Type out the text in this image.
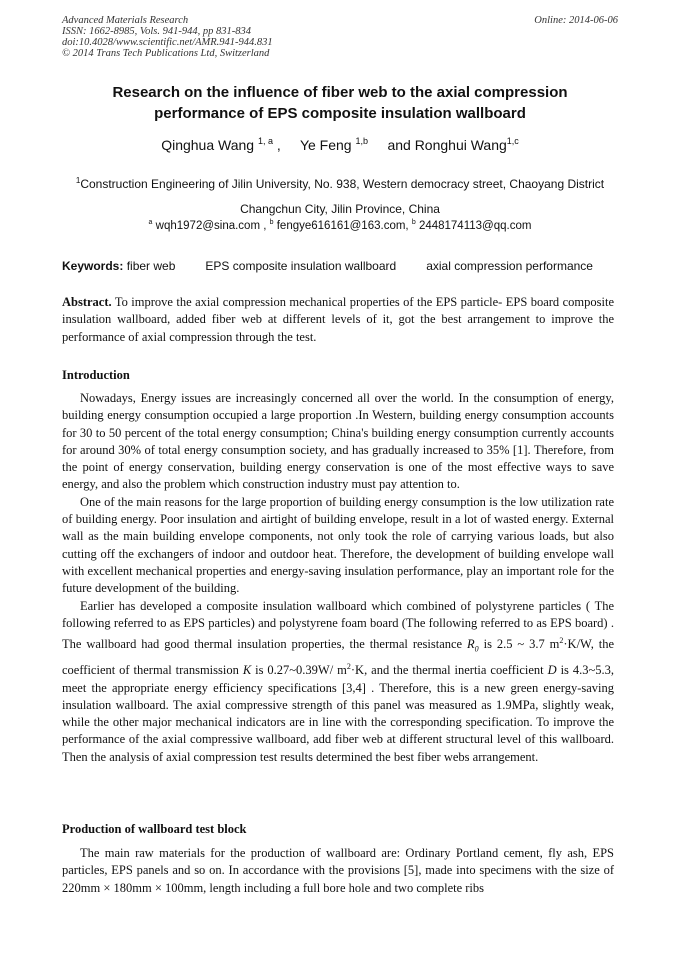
Advanced Materials Research
ISSN: 1662-8985, Vols. 941-944, pp 831-834
doi:10.4028/www.scientific.net/AMR.941-944.831
© 2014 Trans Tech Publications Ltd, Switzerland
Online: 2014-06-06
Research on the influence of fiber web to the axial compression
performance of EPS composite insulation wallboard
Qinghua Wang $^{1, a}$ , Ye Feng $^{1,b}$ and Ronghui Wang$^{1,c}$
$^1$Construction Engineering of Jilin University, No. 938, Western democracy street, Chaoyang District
Changchun City, Jilin Province, China
$^a$ wqh1972@sina.com , $^b$ fengye616161@163.com, $^b$ 2448174113@qq.com
Keywords: fiber web	EPS composite insulation wallboard	axial compression performance

Abstract. To improve the axial compression mechanical properties of the EPS particle- EPS board composite insulation wallboard, added fiber web at different levels of it, got the best arrangement to improve the performance of axial compression through the test.

Introduction

Nowadays, Energy issues are increasingly concerned all over the world. In the consumption of energy, building energy consumption occupied a large proportion .In Western, building energy consumption accounts for 30 to 50 percent of the total energy consumption; China's building energy consumption currently accounts for around 30% of total energy consumption society, and has gradually increased to 35% [1]. Therefore, from the point of energy conservation, building energy conservation is one of the most effective ways to save energy, and also the problem which construction industry must pay attention to.

One of the main reasons for the large proportion of building energy consumption is the low utilization rate of building energy. Poor insulation and airtight of building envelope, result in a lot of wasted energy. External wall as the main building envelope components, not only took the role of carrying various loads, but also cutting off the exchangers of indoor and outdoor heat. Therefore, the development of building envelope wall with excellent mechanical properties and energy-saving insulation performance, play an important role for the future development of the building.

Earlier has developed a composite insulation wallboard which combined of polystyrene particles ( The following referred to as EPS particles) and polystyrene foam board (The following referred to as EPS board) . The wallboard had good thermal insulation properties, the thermal resistance $R_0$ is 2.5 ~ 3.7 $m^2\cdot K/W$, the coefficient of thermal transmission K is 0.27~0.39W/ $m^2\cdot K$, and the thermal inertia coefficient D is 4.3~5.3, meet the appropriate energy efficiency specifications [3,4] . Therefore, this is a new green energy-saving insulation wallboard. The axial compressive strength of this panel was measured as 1.9MPa, slightly weak, while the other major mechanical indicators are in line with the corresponding specification. To improve the performance of the axial compressive wallboard, add fiber web at different structural level of this wallboard. Then the analysis of axial compression test results determined the best fiber webs arrangement.

Production of wallboard test block

The main raw materials for the production of wallboard are: Ordinary Portland cement, fly ash, EPS particles, EPS panels and so on. In accordance with the provisions [5], made into specimens with the size of 220mm × 180mm × 100mm, length including a full bore hole and two complete ribs
